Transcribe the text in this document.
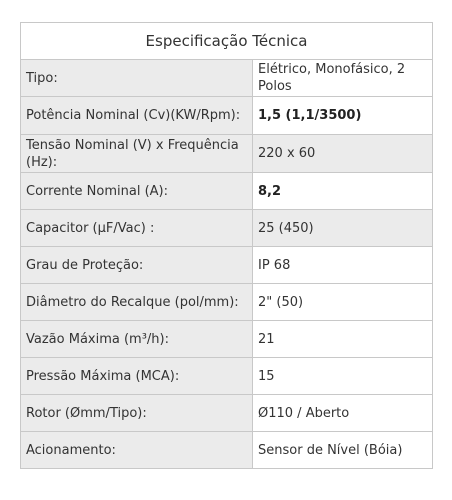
Especificação Técnica	
Tipo:	Elétrico, Monofásico, 2 Polos
Potência Nominal (Cv)(KW/Rpm):	1,5 (1,1/3500)
Tensão Nominal (V) x Frequência (Hz):	220 x 60
Corrente Nominal (A):	8,2
Capacitor (µF/Vac) :	25 (450)
Grau de Proteção:	IP 68
Diâmetro do Recalque (pol/mm):	2" (50)
Vazão Máxima (m³/h):	21
Pressão Máxima (MCA):	15
Rotor (Ømm/Tipo):	Ø110 / Aberto
Acionamento:	Sensor de Nível (Bóia)
